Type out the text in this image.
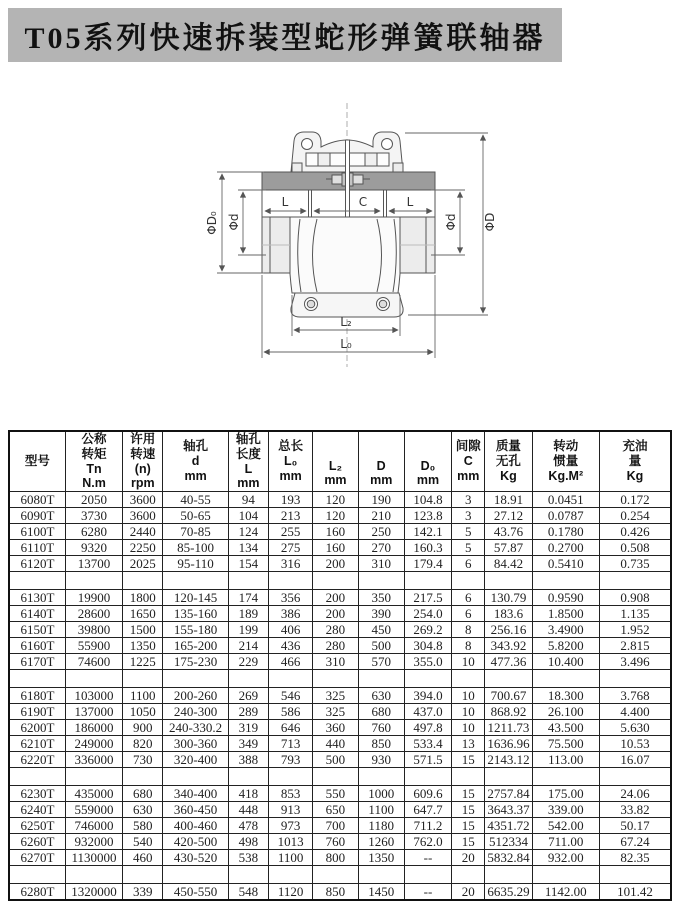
T05系列快速拆装型蛇形弹簧联轴器
L	C	L
ΦD₀ Φd	Φd ΦD
L₂
L₀
型号	公称
转矩
Tn
N.m	许用
转速
(n)
rpm	轴孔
d
mm	轴孔
长度
L
mm	总长
L₀
mm	L₂
mm	D
mm	D₀
mm	间隙
C
mm	质量
无孔
Kg	转动
惯量
Kg.M²	充油
量
Kg
6080T	2050	3600	40-55	94	193	120	190	104.8	3	18.91	0.0451	0.172
6090T	3730	3600	50-65	104	213	120	210	123.8	3	27.12	0.0787	0.254
6100T	6280	2440	70-85	124	255	160	250	142.1	5	43.76	0.1780	0.426
6110T	9320	2250	85-100	134	275	160	270	160.3	5	57.87	0.2700	0.508
6120T	13700	2025	95-110	154	316	200	310	179.4	6	84.42	0.5410	0.735

6130T	19900	1800	120-145	174	356	200	350	217.5	6	130.79	0.9590	0.908
6140T	28600	1650	135-160	189	386	200	390	254.0	6	183.6	1.8500	1.135
6150T	39800	1500	155-180	199	406	280	450	269.2	8	256.16	3.4900	1.952
6160T	55900	1350	165-200	214	436	280	500	304.8	8	343.92	5.8200	2.815
6170T	74600	1225	175-230	229	466	310	570	355.0	10	477.36	10.400	3.496

6180T	103000	1100	200-260	269	546	325	630	394.0	10	700.67	18.300	3.768
6190T	137000	1050	240-300	289	586	325	680	437.0	10	868.92	26.100	4.400
6200T	186000	900	240-330.2	319	646	360	760	497.8	10	1211.73	43.500	5.630
6210T	249000	820	300-360	349	713	440	850	533.4	13	1636.96	75.500	10.53
6220T	336000	730	320-400	388	793	500	930	571.5	15	2143.12	113.00	16.07

6230T	435000	680	340-400	418	853	550	1000	609.6	15	2757.84	175.00	24.06
6240T	559000	630	360-450	448	913	650	1100	647.7	15	3643.37	339.00	33.82
6250T	746000	580	400-460	478	973	700	1180	711.2	15	4351.72	542.00	50.17
6260T	932000	540	420-500	498	1013	760	1260	762.0	15	512334	711.00	67.24
6270T	1130000	460	430-520	538	1100	800	1350	--	20	5832.84	932.00	82.35

6280T	1320000	339	450-550	548	1120	850	1450	--	20	6635.29	1142.00	101.42
